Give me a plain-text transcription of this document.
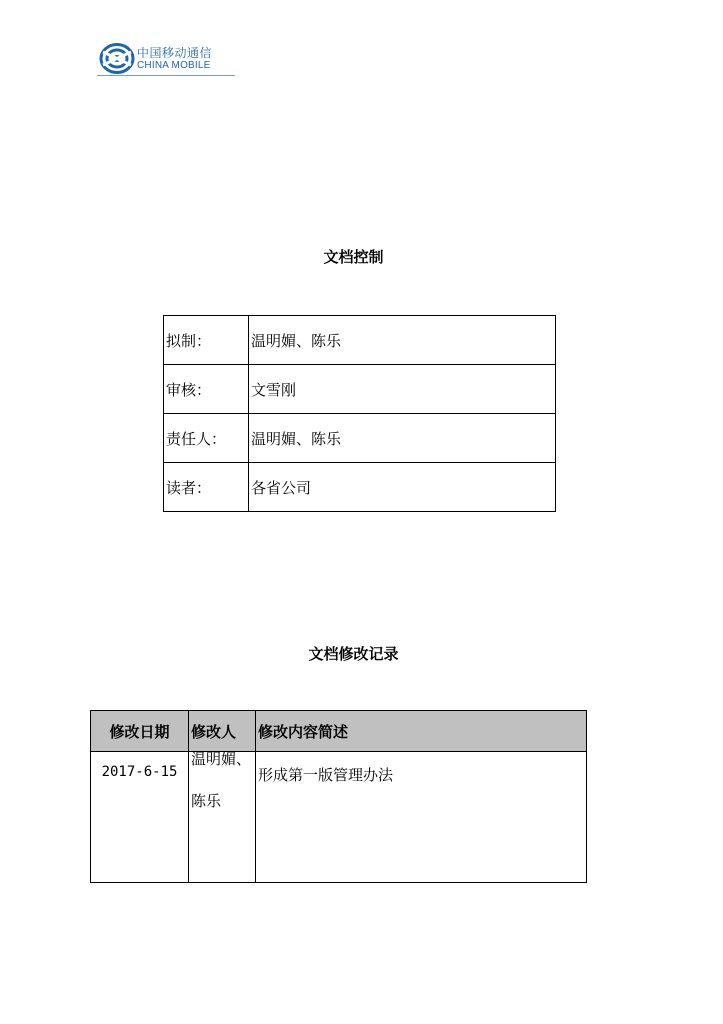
中国移动通信
CHINA MOBILE
文档控制
拟制：	温明媚、陈乐
审核：	文雪刚
责任人：	温明媚、陈乐
读者：	各省公司
文档修改记录
修改日期	修改人	修改内容简述
2017-6-15	温明媚、陈乐	形成第一版管理办法
